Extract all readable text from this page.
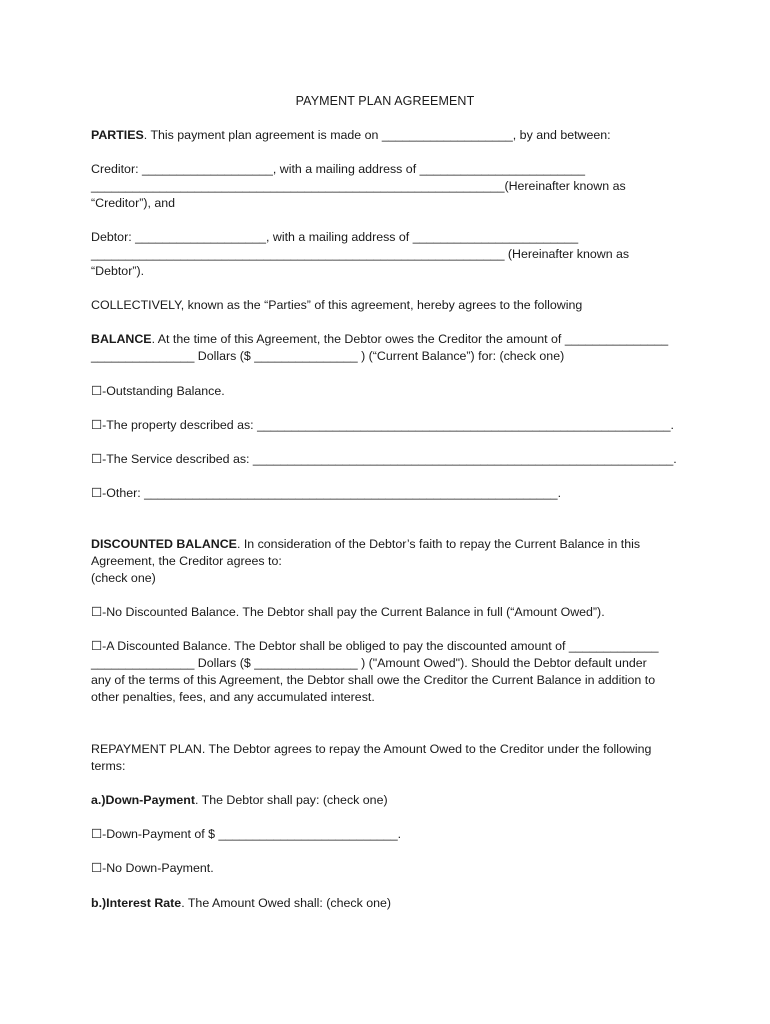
PAYMENT PLAN AGREEMENT
PARTIES. This payment plan agreement is made on ___________________, by and between:
Creditor: ___________________, with a mailing address of ________________________
____________________________________________________________(Hereinafter known as
“Creditor”), and
Debtor: ___________________, with a mailing address of ________________________
____________________________________________________________ (Hereinafter known as
“Debtor”).
COLLECTIVELY, known as the “Parties” of this agreement, hereby agrees to the following
BALANCE. At the time of this Agreement, the Debtor owes the Creditor the amount of _______________
_______________ Dollars ($ _______________ ) (“Current Balance”) for: (check one)
☐-Outstanding Balance.
☐-The property described as: ____________________________________________________________.
☐-The Service described as: _____________________________________________________________.
☐-Other: ____________________________________________________________.
DISCOUNTED BALANCE. In consideration of the Debtor’s faith to repay the Current Balance in this
Agreement, the Creditor agrees to:
(check one)
☐-No Discounted Balance. The Debtor shall pay the Current Balance in full (“Amount Owed”).
☐-A Discounted Balance. The Debtor shall be obliged to pay the discounted amount of _____________
_______________ Dollars ($ _______________ ) ("Amount Owed"). Should the Debtor default under
any of the terms of this Agreement, the Debtor shall owe the Creditor the Current Balance in addition to
other penalties, fees, and any accumulated interest.
REPAYMENT PLAN. The Debtor agrees to repay the Amount Owed to the Creditor under the following
terms:
a.)Down-Payment. The Debtor shall pay: (check one)
☐-Down-Payment of $ __________________________.
☐-No Down-Payment.
b.)Interest Rate. The Amount Owed shall: (check one)
